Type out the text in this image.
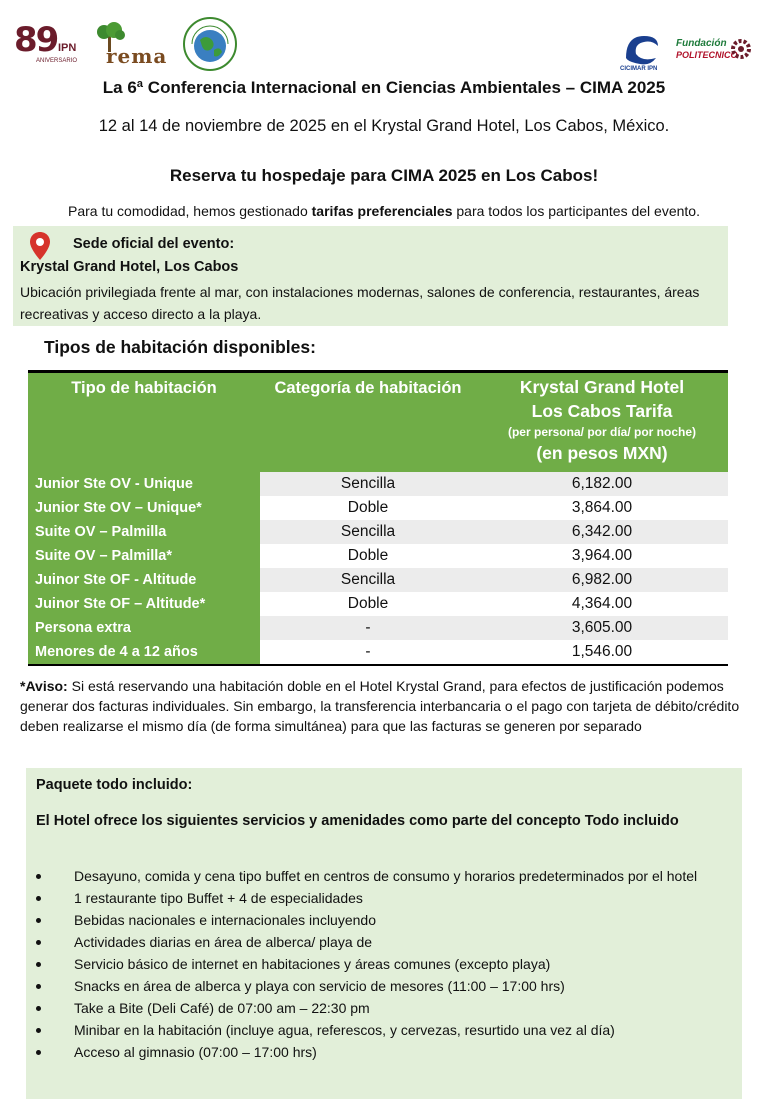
89 IPN
ANIVERSARIO rema
CICIMAR IPN
Fundación
POLITECNICO
La 6ª Conferencia Internacional en Ciencias Ambientales – CIMA 2025
12 al 14 de noviembre de 2025 en el Krystal Grand Hotel, Los Cabos, México.
Reserva tu hospedaje para CIMA 2025 en Los Cabos!
Para tu comodidad, hemos gestionado tarifas preferenciales para todos los participantes del evento.
Sede oficial del evento:
Krystal Grand Hotel, Los Cabos
Ubicación privilegiada frente al mar, con instalaciones modernas, salones de conferencia, restaurantes, áreas recreativas y acceso directo a la playa.
Tipos de habitación disponibles:
Tipo de habitación	Categoría de habitación	Krystal Grand Hotel
Los Cabos Tarifa
(per persona/ por día/ por noche)
(en pesos MXN)

Junior Ste OV - Unique	Sencilla	6,182.00
Junior Ste OV – Unique*	Doble	3,864.00
Suite OV – Palmilla	Sencilla	6,342.00
Suite OV – Palmilla*	Doble	3,964.00
Juinor Ste OF - Altitude	Sencilla	6,982.00
Juinor Ste OF – Altitude*	Doble	4,364.00
Persona extra	-	3,605.00
Menores de 4 a 12 años	-	1,546.00
*Aviso: Si está reservando una habitación doble en el Hotel Krystal Grand, para efectos de justificación podemos generar dos facturas individuales. Sin embargo, la transferencia interbancaria o el pago con tarjeta de débito/crédito deben realizarse el mismo día (de forma simultánea) para que las facturas se generen por separado
Paquete todo incluido:
El Hotel ofrece los siguientes servicios y amenidades como parte del concepto Todo incluido
Desayuno, comida y cena tipo buffet en centros de consumo y horarios predeterminados por el hotel
1 restaurante tipo Buffet + 4 de especialidades
Bebidas nacionales e internacionales incluyendo
Actividades diarias en área de alberca/ playa de
Servicio básico de internet en habitaciones y áreas comunes (excepto playa)
Snacks en área de alberca y playa con servicio de mesores (11:00 – 17:00 hrs)
Take a Bite (Deli Café) de 07:00 am – 22:30 pm
Minibar en la habitación (incluye agua, referescos, y cervezas, resurtido una vez al día)
Acceso al gimnasio (07:00 – 17:00 hrs)
